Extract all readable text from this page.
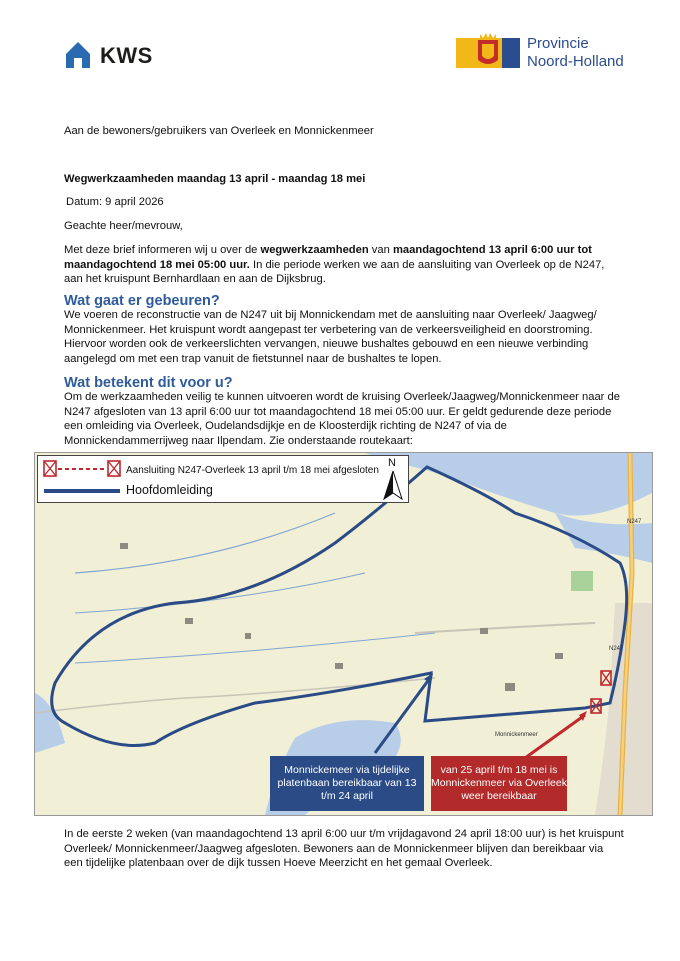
KWS	Provincie
Noord-Holland
Aan de bewoners/gebruikers van Overleek en Monnickenmeer
Wegwerkzaamheden maandag 13 april - maandag 18 mei
Datum: 9 april 2026
Geachte heer/mevrouw,
Met deze brief informeren wij u over de wegwerkzaamheden van maandagochtend 13 april 6:00 uur tot maandagochtend 18 mei 05:00 uur. In die periode werken we aan de aansluiting van Overleek op de N247, aan het kruispunt Bernhardlaan en aan de Dijksbrug.
Wat gaat er gebeuren?
We voeren de reconstructie van de N247 uit bij Monnickendam met de aansluiting naar Overleek/ Jaagweg/ Monnickenmeer. Het kruispunt wordt aangepast ter verbetering van de verkeersveiligheid en doorstroming. Hiervoor worden ook de verkeerslichten vervangen, nieuwe bushaltes gebouwd en een nieuwe verbinding aangelegd om met een trap vanuit de fietstunnel naar de bushaltes te lopen.
Wat betekent dit voor u?
Om de werkzaamheden veilig te kunnen uitvoeren wordt de kruising Overleek/Jaagweg/Monnickenmeer naar de N247 afgesloten van 13 april 6:00 uur tot maandagochtend 18 mei 05:00 uur. Er geldt gedurende deze periode een omleiding via Overleek, Oudelandsdijkje en de Kloosterdijk richting de N247 of via de Monnickendammerrijweg naar Ilpendam. Zie onderstaande routekaart:
Aansluiting N247-Overleek 13 april t/m 18 mei afgesloten
Hoofdomleiding
N
N247
N247
Monnickenmeer
Monnickemeer via tijdelijke platenbaan bereikbaar van 13 t/m 24 april
van 25 april t/m 18 mei is Monnickenmeer via Overleek weer bereikbaar
In de eerste 2 weken (van maandagochtend 13 april 6:00 uur t/m vrijdagavond 24 april 18:00 uur) is het kruispunt Overleek/ Monnickenmeer/Jaagweg afgesloten. Bewoners aan de Monnickenmeer blijven dan bereikbaar via een tijdelijke platenbaan over de dijk tussen Hoeve Meerzicht en het gemaal Overleek.
